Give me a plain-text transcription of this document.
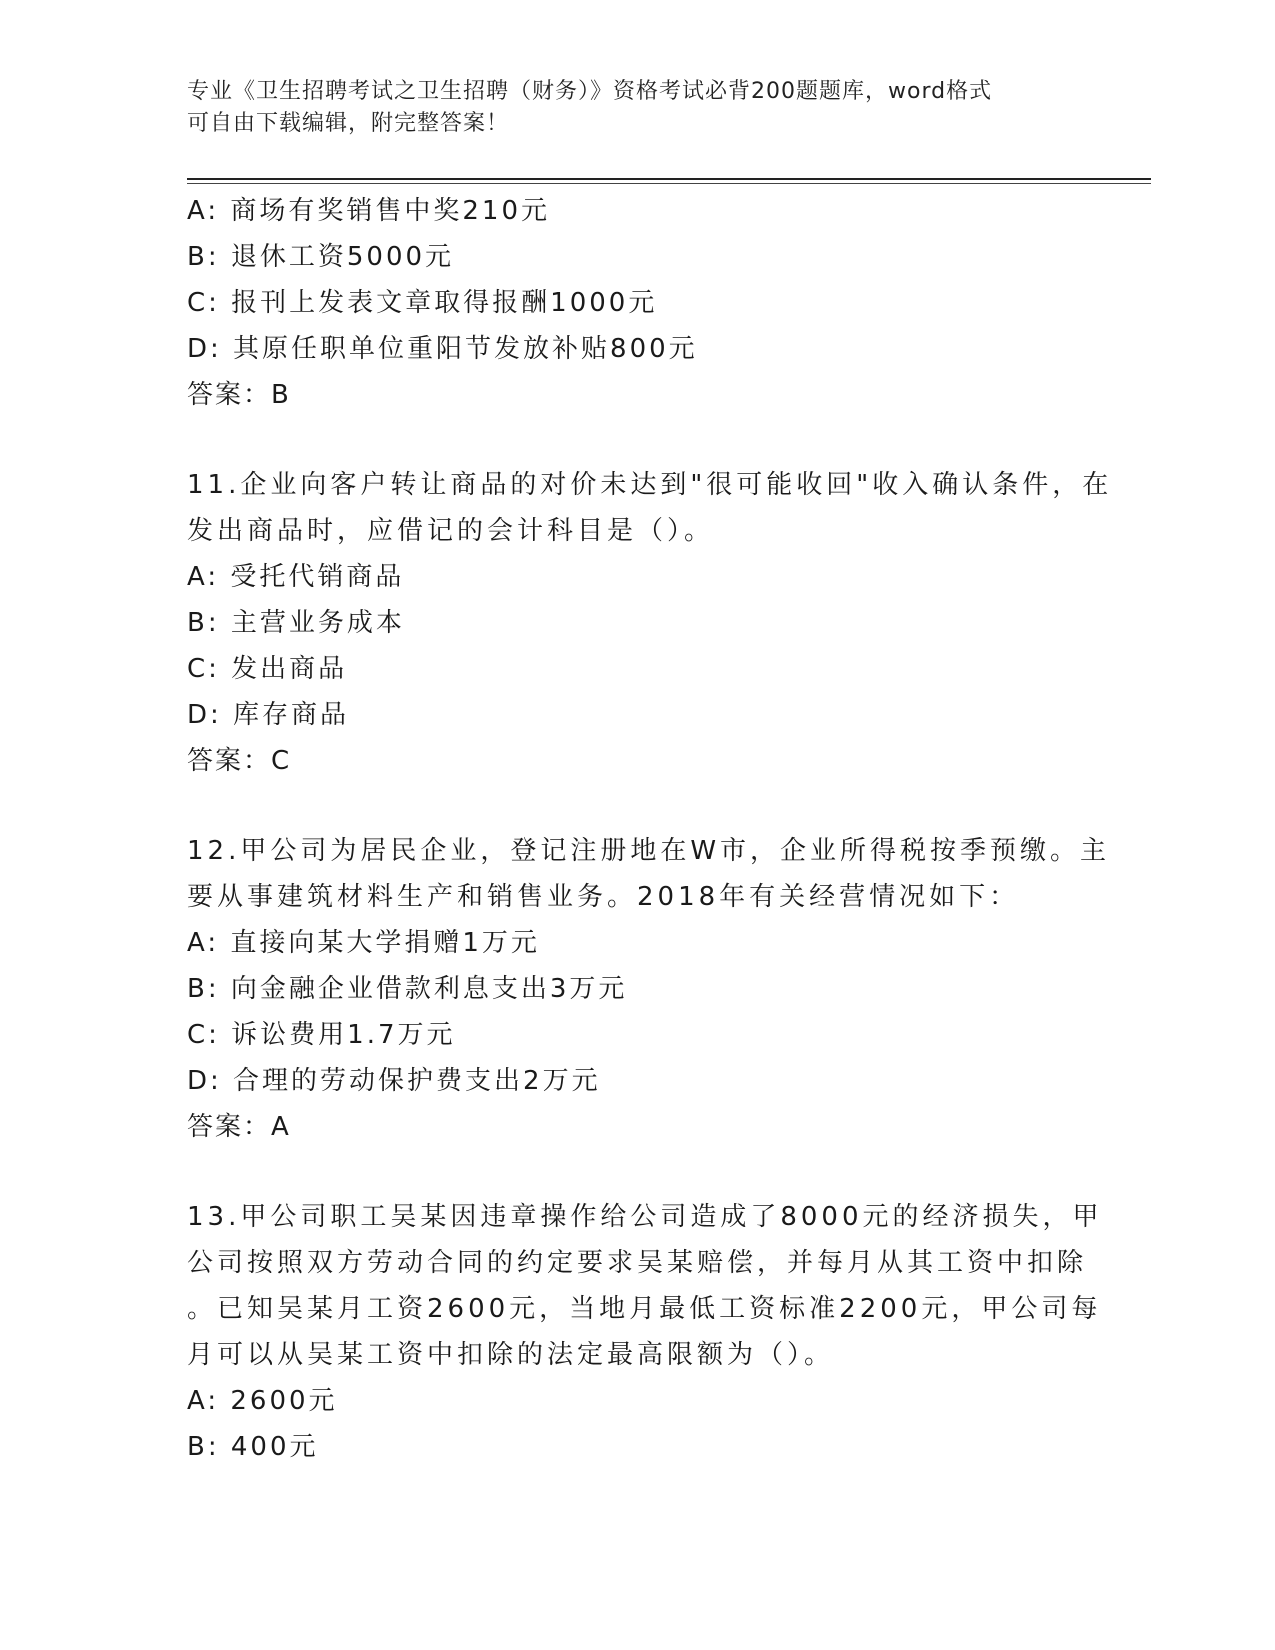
专业《卫生招聘考试之卫生招聘（财务）》资格考试必背200题题库，word格式
可自由下载编辑，附完整答案！
A: 商场有奖销售中奖210元
B: 退休工资5000元
C: 报刊上发表文章取得报酬1000元
D: 其原任职单位重阳节发放补贴800元
答案：B
11.企业向客户转让商品的对价未达到"很可能收回"收入确认条件，在
发出商品时，应借记的会计科目是（）。
A: 受托代销商品
B: 主营业务成本
C: 发出商品
D: 库存商品
答案：C
12.甲公司为居民企业，登记注册地在W市，企业所得税按季预缴。主
要从事建筑材料生产和销售业务。2018年有关经营情况如下：
A: 直接向某大学捐赠1万元
B: 向金融企业借款利息支出3万元
C: 诉讼费用1.7万元
D: 合理的劳动保护费支出2万元
答案：A
13.甲公司职工吴某因违章操作给公司造成了8000元的经济损失，甲
公司按照双方劳动合同的约定要求吴某赔偿，并每月从其工资中扣除
。已知吴某月工资2600元，当地月最低工资标准2200元，甲公司每
月可以从吴某工资中扣除的法定最高限额为（）。
A: 2600元
B: 400元
